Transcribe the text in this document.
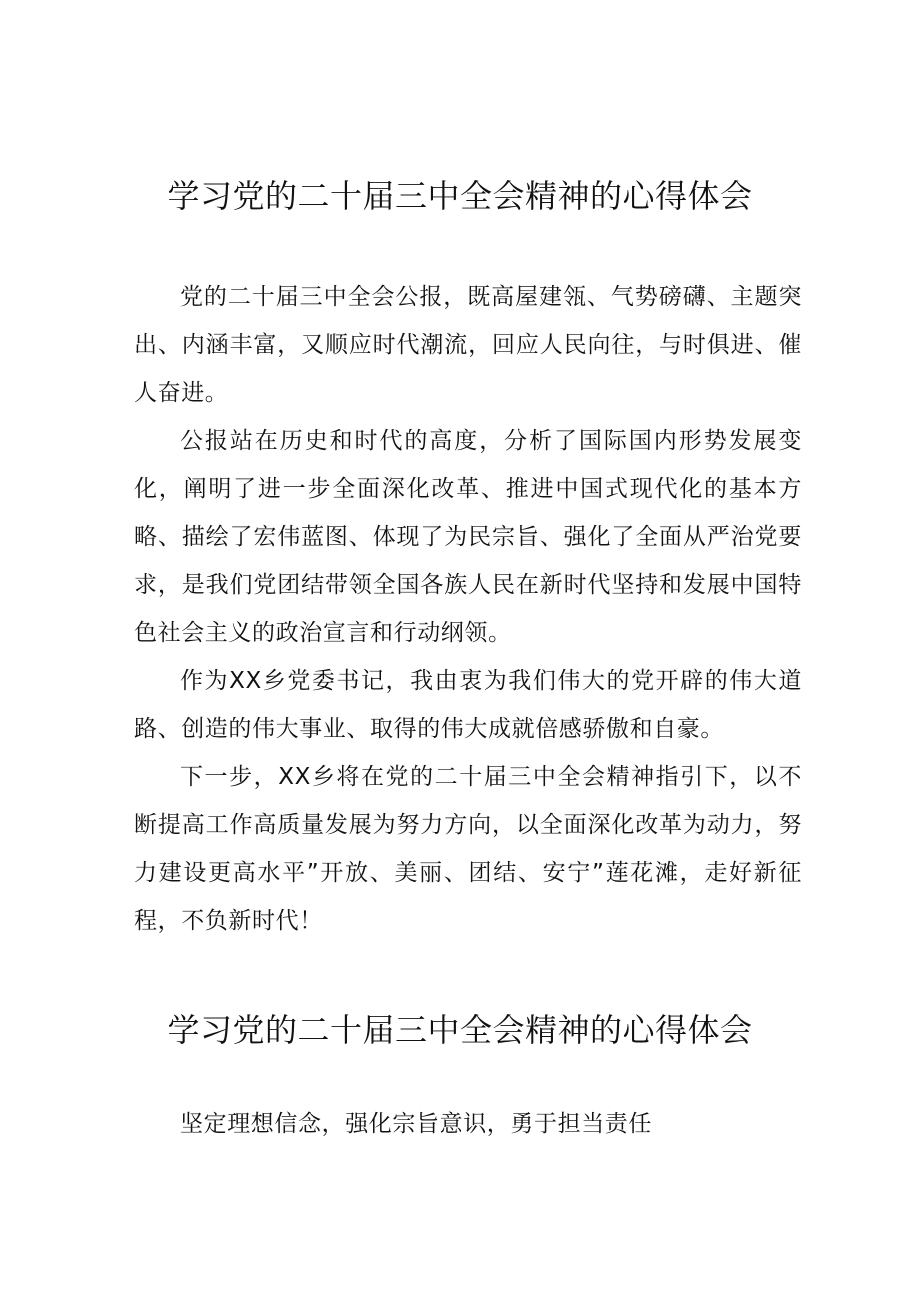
学习党的二十届三中全会精神的心得体会

党的二十届三中全会公报，既高屋建瓴、气势磅礴、主题突出、内涵丰富，又顺应时代潮流，回应人民向往，与时俱进、催人奋进。

公报站在历史和时代的高度，分析了国际国内形势发展变化，阐明了进一步全面深化改革、推进中国式现代化的基本方略、描绘了宏伟蓝图、体现了为民宗旨、强化了全面从严治党要求，是我们党团结带领全国各族人民在新时代坚持和发展中国特色社会主义的政治宣言和行动纲领。

作为XX乡党委书记，我由衷为我们伟大的党开辟的伟大道路、创造的伟大事业、取得的伟大成就倍感骄傲和自豪。

下一步，XX乡将在党的二十届三中全会精神指引下，以不断提高工作高质量发展为努力方向，以全面深化改革为动力，努力建设更高水平”开放、美丽、团结、安宁”莲花滩，走好新征程，不负新时代！

学习党的二十届三中全会精神的心得体会

坚定理想信念，强化宗旨意识，勇于担当责任
